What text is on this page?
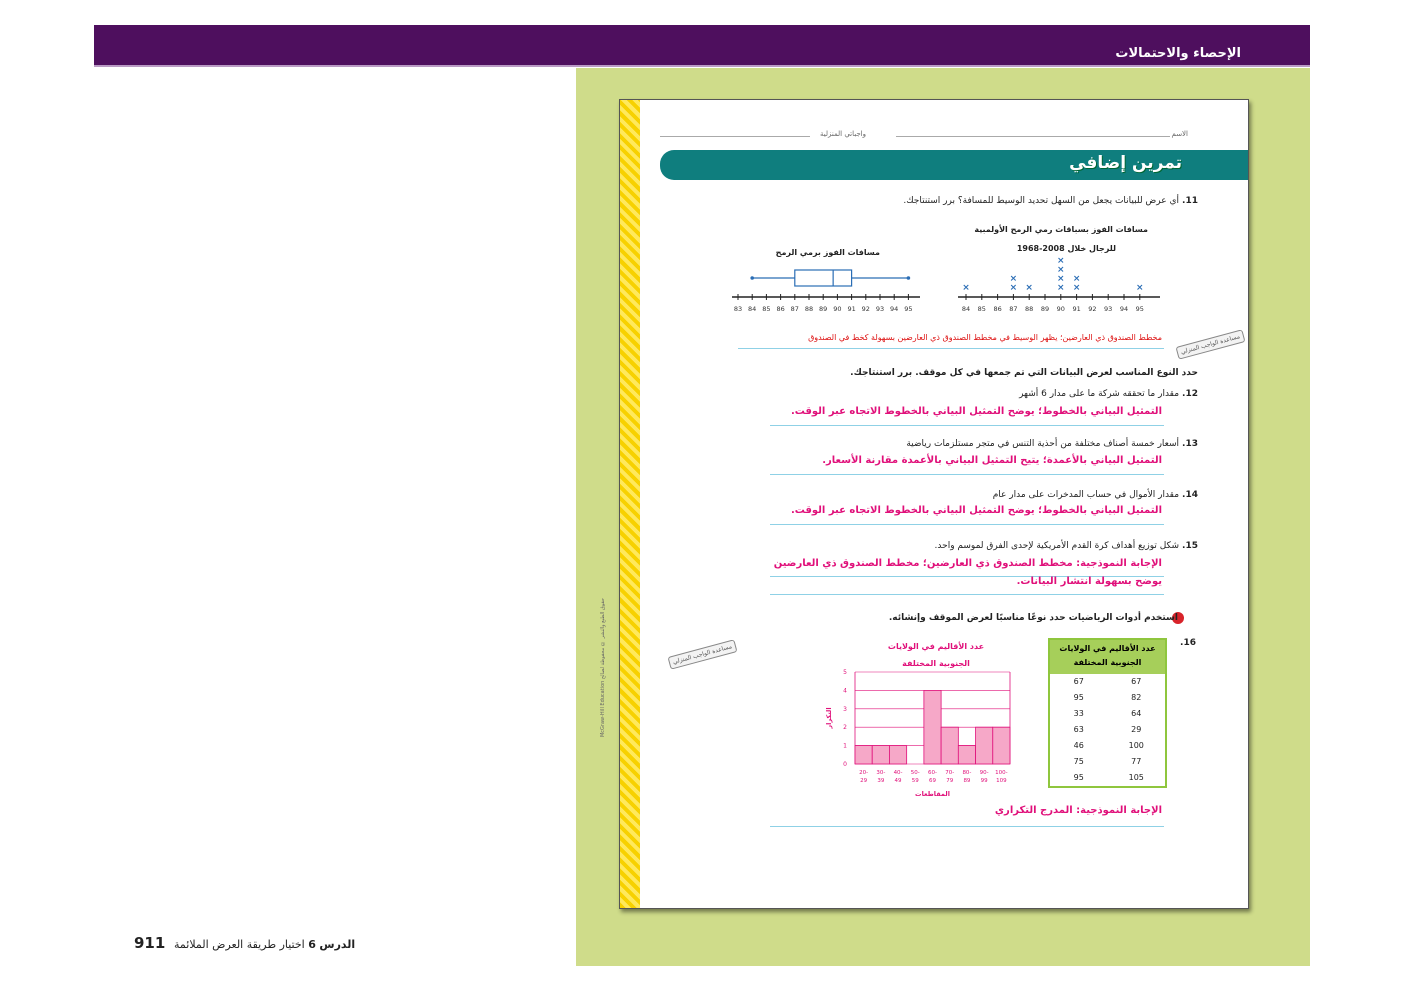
الإحصاء والاحتمالات
الاسم
واجباتي المنزلية
تمرين إضافي
11.أي عرض للبيانات يجعل من السهل تحديد الوسيط للمسافة؟ برر استنتاجك.
مسافات الفوز بسباقات رمي الرمح الأولمبية
للرجال خلال 2008-1968
مسافات الفوز برمي الرمح
83 84 85 86 87 88 89 90 91 92 93 94 95	84 85 86 87 88 89 90 91 92 93 94 95
×	×
×
×	×
×
×
×
×
×
×
مساعدة الواجب المنزلي
مخطط الصندوق ذي العارضين؛ يظهر الوسيط في مخطط الصندوق ذي العارضين بسهولة كخط في الصندوق
حدد النوع المناسب لعرض البيانات التي تم جمعها في كل موقف. برر استنتاجك.
12.مقدار ما تحققه شركة ما على مدار 6 أشهر
التمثيل البياني بالخطوط؛ يوضح التمثيل البياني بالخطوط الاتجاه عبر الوقت.
13.أسعار خمسة أصناف مختلفة من أحذية التنس في متجر مستلزمات رياضية
التمثيل البياني بالأعمدة؛ يتيح التمثيل البياني بالأعمدة مقارنة الأسعار.
14.مقدار الأموال في حساب المدخرات على مدار عام
التمثيل البياني بالخطوط؛ يوضح التمثيل البياني بالخطوط الاتجاه عبر الوقت.
15.شكل توزيع أهداف كرة القدم الأمريكية لإحدى الفرق لموسم واحد.
الإجابة النموذجية: مخطط الصندوق ذي العارضين؛ مخطط الصندوق ذي العارضين
يوضح بسهولة انتشار البيانات.
استخدم أدوات الرياضيات حدد نوعًا مناسبًا لعرض الموقف وإنشائه.
16.
عدد الأقاليم في الولايات الجنوبية المختلفة
67	67
95	82
33	64
63	29
46	100
75	77
95	105
عدد الأقاليم في الولايات الجنوبية المختلفة
0
1
2
3
4
5
20-
29
30-
39
40-
49
50-
59
60-
69
70-
79
80-
89
90-
99
100-
109
المقاطعات
التكرار
مساعدة الواجب المنزلي
الإجابة النموذجية: المدرج التكراري
McGraw-Hill Education حقوق الطبع والنشر © محفوظة لصالح
911	الدرس 6 اختيار طريقة العرض الملائمة
